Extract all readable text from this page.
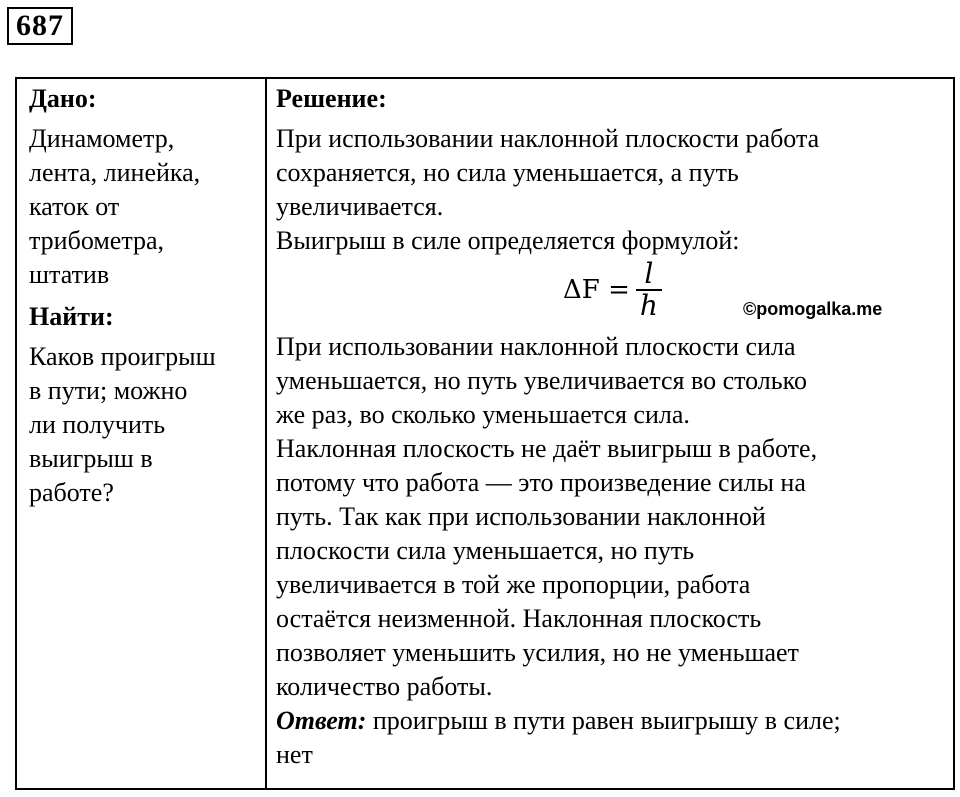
687

Дано:

Динамометр,
лента, линейка,
каток от
трибометра,
штатив

Найти:

Каков проигрыш
в пути; можно
ли получить
выигрыш в
работе?

Решение:

При использовании наклонной плоскости работа
сохраняется, но сила уменьшается, а путь
увеличивается.
Выигрыш в силе определяется формулой:
$\Delta F = \frac{l}{h}$	©pomogalka.me
При использовании наклонной плоскости сила
уменьшается, но путь увеличивается во столько
же раз, во сколько уменьшается сила.
Наклонная плоскость не даёт выигрыш в работе,
потому что работа — это произведение силы на
путь. Так как при использовании наклонной
плоскости сила уменьшается, но путь
увеличивается в той же пропорции, работа
остаётся неизменной. Наклонная плоскость
позволяет уменьшить усилия, но не уменьшает
количество работы.
Ответ: проигрыш в пути равен выигрышу в силе;
нет
